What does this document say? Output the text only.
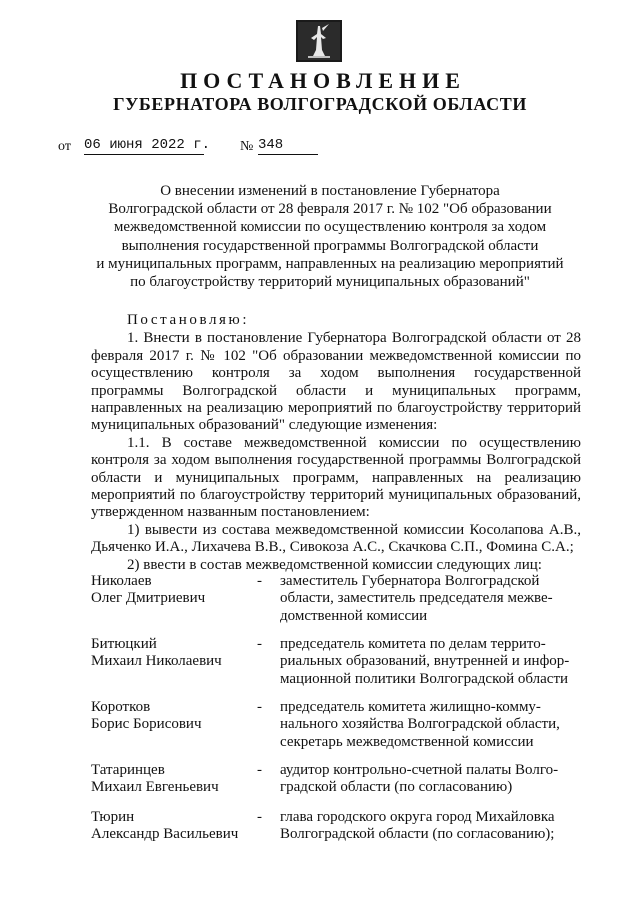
ПОСТАНОВЛЕНИЕ
ГУБЕРНАТОРА ВОЛГОГРАДСКОЙ ОБЛАСТИ
от 06 июня 2022 г. № 348
О внесении изменений в постановление Губернатора
Волгоградской области от 28 февраля 2017 г. № 102 "Об образовании
межведомственной комиссии по осуществлению контроля за ходом
выполнения государственной программы Волгоградской области
и муниципальных программ, направленных на реализацию мероприятий
по благоустройству территорий муниципальных образований"

Постановляю:

1. Внести в постановление Губернатора Волгоградской области от 28 февраля 2017 г. № 102 "Об образовании межведомственной комиссии по осуществлению контроля за ходом выполнения государственной программы Волгоградской области и муниципальных программ, направленных на реализацию мероприятий по благоустройству территорий муниципальных образований" следующие изменения:

1.1. В составе межведомственной комиссии по осуществлению контроля за ходом выполнения государственной программы Волгоградской области и муниципальных программ, направленных на реализацию мероприятий по благоустройству территорий муниципальных образований, утвержденном названным постановлением:

1) вывести из состава межведомственной комиссии Косолапова А.В., Дьяченко И.А., Лихачева В.В., Сивокоза А.С., Скачкова С.П., Фомина С.А.;

2) ввести в состав межведомственной комиссии следующих лиц:

Николаев
Олег Дмитриевич
- заместитель Губернатора Волгоградской
области, заместитель председателя межве-
домственной комиссии
Битюцкий
Михаил Николаевич
- председатель комитета по делам террито-
риальных образований, внутренней и инфор-
мационной политики Волгоградской области
Коротков
Борис Борисович
- председатель комитета жилищно-комму-
нального хозяйства Волгоградской области,
секретарь межведомственной комиссии
Татаринцев
Михаил Евгеньевич
- аудитор контрольно-счетной палаты Волго-
градской области (по согласованию)
Тюрин
Александр Васильевич
- глава городского округа город Михайловка
Волгоградской области (по согласованию);
